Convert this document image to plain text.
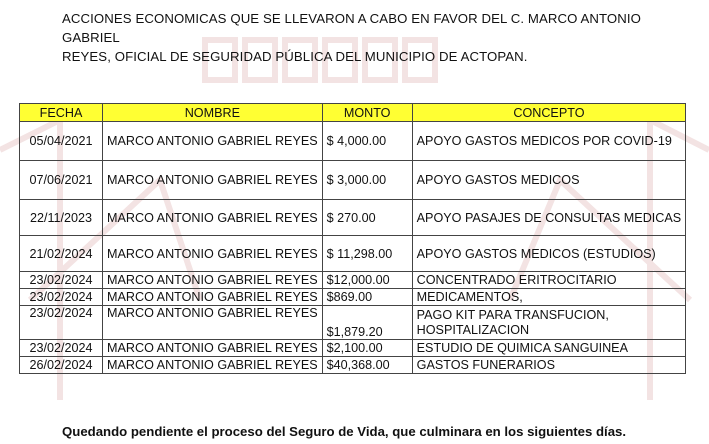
ACCIONES ECONOMICAS QUE SE LLEVARON A CABO EN FAVOR DEL C. MARCO ANTONIO GABRIEL
REYES, OFICIAL DE SEGURIDAD PÚBLICA DEL MUNICIPIO DE ACTOPAN.
FECHA	NOMBRE	MONTO	CONCEPTO
05/04/2021	MARCO ANTONIO GABRIEL REYES	$ 4,000.00	APOYO GASTOS MEDICOS POR COVID-19
07/06/2021	MARCO ANTONIO GABRIEL REYES	$ 3,000.00	APOYO GASTOS MEDICOS
22/11/2023	MARCO ANTONIO GABRIEL REYES	$ 270.00	APOYO PASAJES DE CONSULTAS MEDICAS
21/02/2024	MARCO ANTONIO GABRIEL REYES	$ 11,298.00	APOYO GASTOS MEDICOS (ESTUDIOS)
23/02/2024	MARCO ANTONIO GABRIEL REYES	$12,000.00	CONCENTRADO ERITROCITARIO
23/02/2024	MARCO ANTONIO GABRIEL REYES	$869.00	MEDICAMENTOS,
23/02/2024	MARCO ANTONIO GABRIEL REYES	$1,879.20	PAGO KIT PARA TRANSFUCION,
HOSPITALIZACION

23/02/2024	MARCO ANTONIO GABRIEL REYES	$2,100.00	ESTUDIO DE QUIMICA SANGUINEA
26/02/2024	MARCO ANTONIO GABRIEL REYES	$40,368.00	GASTOS FUNERARIOS
Quedando pendiente el proceso del Seguro de Vida, que culminara en los siguientes días.
